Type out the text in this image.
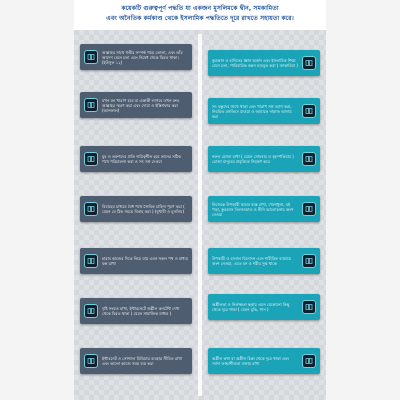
কয়েকটি গুরুত্বপূর্ণ পদ্ধতি যা একজন মুসলিমকে দ্বীন, সমকামিতা
এবং অনৈতিক কর্মকাণ্ড থেকে ইসলামিক পদ্ধতিতে দূরে রাখতে সহায়তা করে।
আল্লাহর সাথে গভীর সম্পর্ক গড়ে তোলা, এবং তাঁর আদেশ মেনে চলা এবং নিষেধ থেকে বিরত থাকা। (ইউসুফ ১২)	কুরআন ও হাদিসের জ্ঞান অর্জন এবং ইসলামিক শিক্ষা মেনে চলা, পারিবারিক বন্ধন মজবুত করা ( জাকারিয়া )
যখন মন খারাপ হবে বা একাকী লাগবে তখন দ্রুত আল্লাহর স্মরণ করা এবং দোয়া ও ইস্তিগফার করা (আনফাল)
সৎ বন্ধুদের সাথে থাকা এবং খারাপ সঙ্গ ত্যাগ করা, নিয়মিত মসজিদে যাওয়া ও জামাতে নামাজ আদায় করা
যুব ও তরুণদের প্রতি দায়িত্বশীল হয়ে তাদের সঠিক পথে পরিচালনা করা ও সৎ সঙ্গ দেওয়া
নফল রোজা রাখা ( যেমন সোমবার ও বৃহস্পতিবার ) রোজা মানুষের প্রবৃত্তিকে নিয়ন্ত্রণ করে
বিবাহের মাধ্যমে বৈধ পথে জৈবিক চাহিদা পূরণ করা ( যেমন যে ঠিক সময়ে বিবাহ করা ) (বুখারী ও মুসলিম)
নিজেকে উপকারী কাজে ব্যস্ত রাখা, খেলাধুলা, বই পড়া, কুরআন তিলাওয়াত ও দ্বীনি আলোচনায় অংশ নেওয়া
হারাম কাজের দিকে নিয়ে যায় এমন সকল পথ ও মাধ্যম বন্ধ রাখা
উপকারী ও হালাল বিনোদন এবং শারীরিক ব্যায়ামে অংশ নেওয়া, এতে মন ও শরীর সুস্থ থাকে
দৃষ্টি সংযত রাখা, ইন্টারনেটে অশ্লীল কনটেন্ট দেখা থেকে বিরত থাকা ( যেমন সামাজিক মাধ্যম )
অশ্লীলতা ও নির্লজ্জতা ছড়ায় এমন যেকোনো কিছু থেকে দূরে থাকা ( যেমন মুভি, গান )
ইন্টারনেট ও সোশ্যাল মিডিয়ার ব্যবহার সীমিত রাখা এবং ভালো কাজে সময় ব্যয় করা
অশ্লীল কথা বা অশ্লীল চিন্তা থেকে দূরে থাকা এবং সর্বদা লজ্জাশীলতা বজায় রাখা
